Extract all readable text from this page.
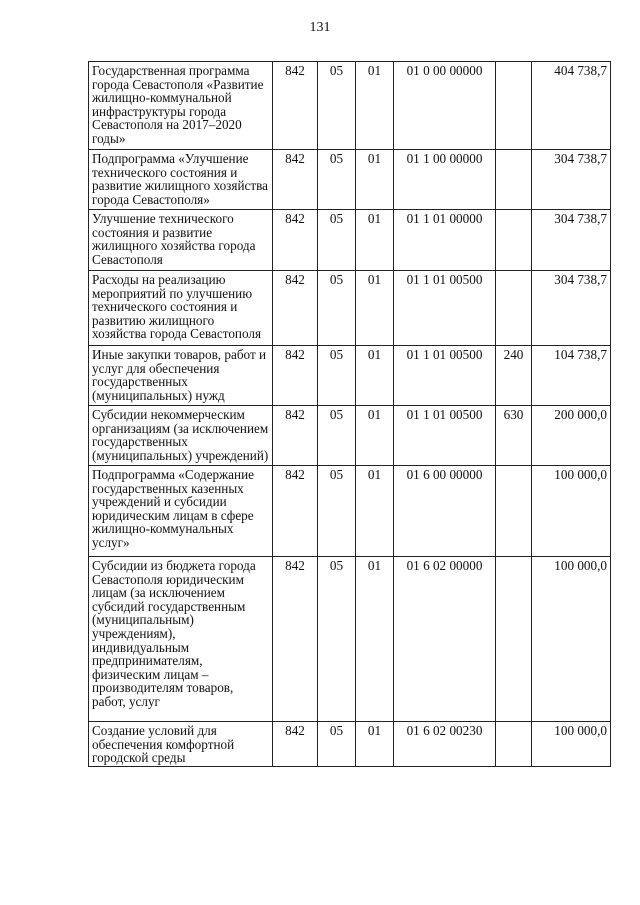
131
Государственная программа города Севастополя «Развитие жилищно-коммунальной инфраструктуры города Севастополя на 2017–2020 годы»	842	05	01	01 0 00 00000		404 738,7
Подпрограмма «Улучшение технического состояния и развитие жилищного хозяйства города Севастополя»	842	05	01	01 1 00 00000		304 738,7
Улучшение технического состояния и развитие жилищного хозяйства города Севастополя	842	05	01	01 1 01 00000		304 738,7
Расходы на реализацию мероприятий по улучшению технического состояния и развитию жилищного хозяйства города Севастополя	842	05	01	01 1 01 00500		304 738,7
Иные закупки товаров, работ и услуг для обеспечения государственных (муниципальных) нужд	842	05	01	01 1 01 00500	240	104 738,7
Субсидии некоммерческим организациям (за исключением государственных (муниципальных) учреждений)	842	05	01	01 1 01 00500	630	200 000,0
Подпрограмма «Содержание государственных казенных учреждений и субсидии юридическим лицам в сфере жилищно-коммунальных услуг»	842	05	01	01 6 00 00000		100 000,0
Субсидии из бюджета города Севастополя юридическим лицам (за исключением субсидий государственным (муниципальным) учреждениям), индивидуальным предпринимателям, физическим лицам – производителям товаров, работ, услуг	842	05	01	01 6 02 00000		100 000,0
Создание условий для обеспечения комфортной городской среды	842	05	01	01 6 02 00230		100 000,0
